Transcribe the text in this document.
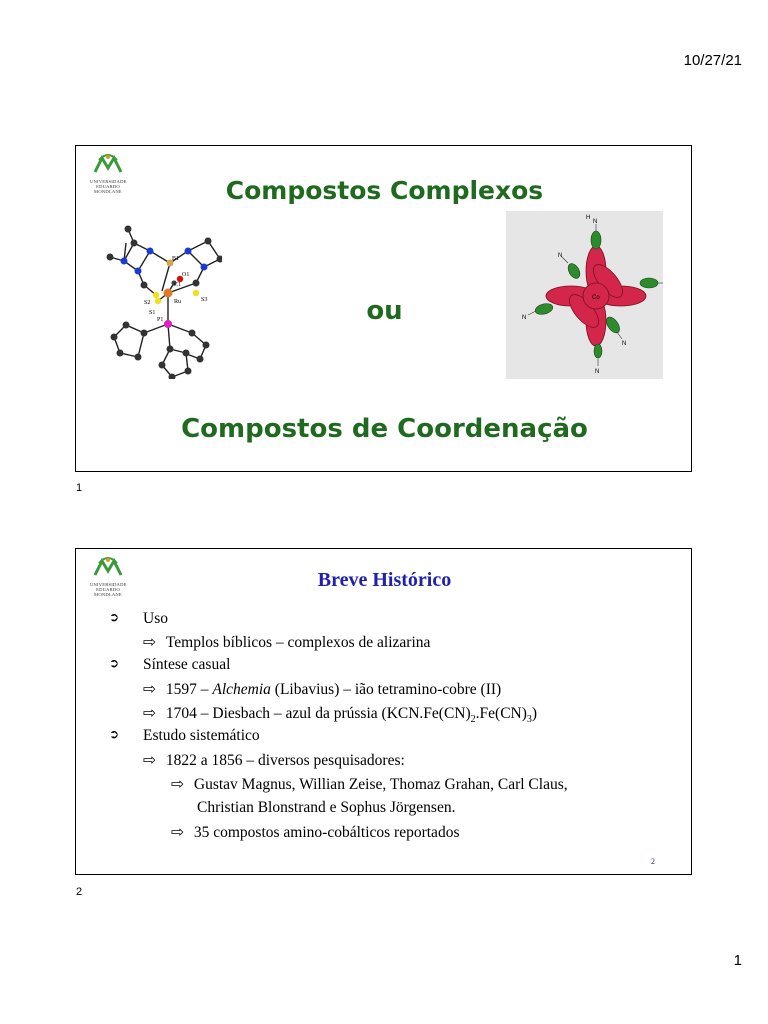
10/27/21
UNIVERSIDADE
EDUARDO
MONDLANE	Compostos Complexos
ou
Compostos de Coordenação
B1
O1
C1
S2
S1
S3
Ru
P1
Co
N
H
N
N
N
N
1
UNIVERSIDADE
EDUARDO
MONDLANE
Breve Histórico
➲ Uso
⇨ Templos bíblicos – complexos de alizarina
➲ Síntese casual
⇨ 1597 – Alchemia (Libavius) – ião tetramino-cobre (II)
⇨ 1704 – Diesbach – azul da prússia $(KCN.Fe(CN)_2.Fe(CN)_3)$
➲ Estudo sistemático
⇨ 1822 a 1856 – diversos pesquisadores:
⇨ Gustav Magnus, Willian Zeise, Thomaz Grahan, Carl Claus,
Christian Blonstrand e Sophus Jörgensen.
⇨ 35 compostos amino-cobálticos reportados
2
2
1
